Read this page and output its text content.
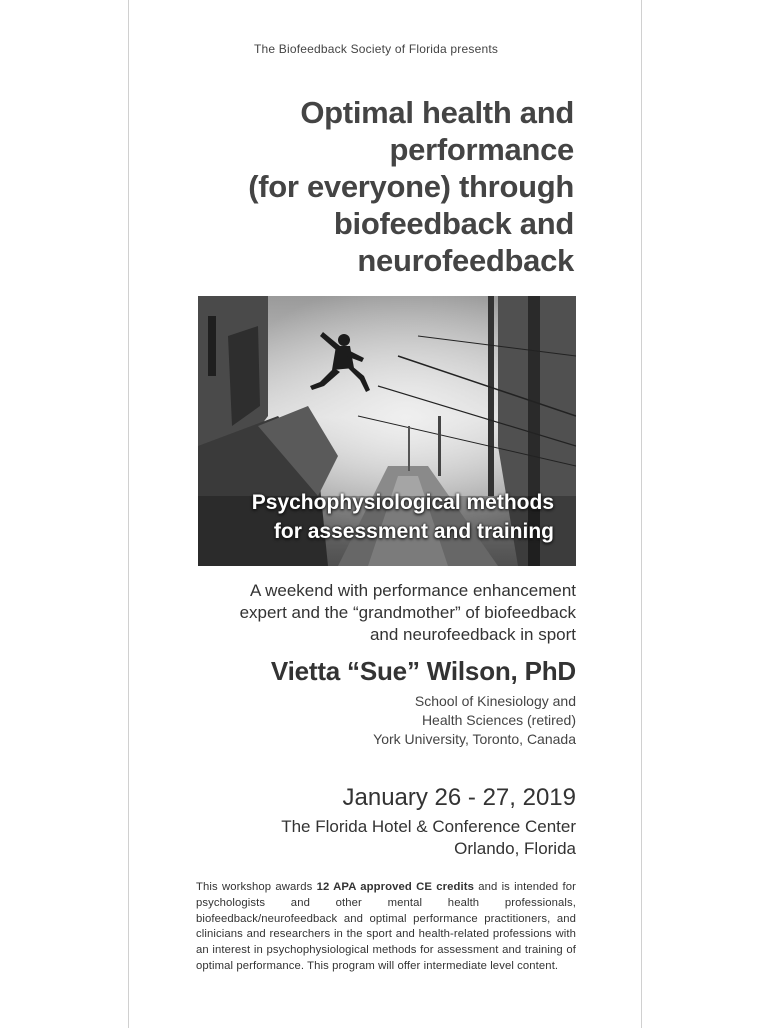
The Biofeedback Society of Florida presents
Optimal health and
performance
(for everyone) through
biofeedback and
neurofeedback
Psychophysiological methods
for assessment and training
A weekend with performance enhancement
expert and the “grandmother” of biofeedback
and neurofeedback in sport
Vietta “Sue” Wilson, PhD
School of Kinesiology and
Health Sciences (retired)
York University, Toronto, Canada
January 26 - 27, 2019
The Florida Hotel & Conference Center
Orlando, Florida
This workshop awards 12 APA approved CE credits and is intended for psychologists and other mental health professionals, biofeedback/neurofeedback and optimal performance practitioners, and clinicians and researchers in the sport and health-related professions with an interest in psychophysiological methods for assessment and training of optimal performance. This program will offer intermediate level content.
